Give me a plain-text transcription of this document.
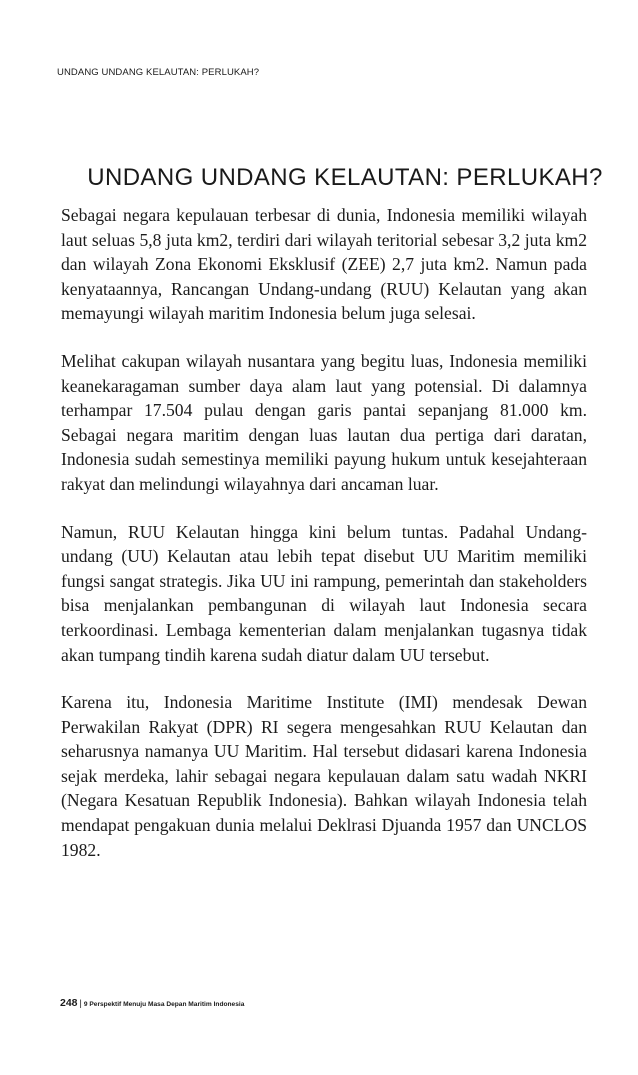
UNDANG UNDANG KELAUTAN: PERLUKAH?
UNDANG UNDANG KELAUTAN: PERLUKAH?

Sebagai negara kepulauan terbesar di dunia, Indonesia memiliki wilayah laut seluas 5,8 juta km2, terdiri dari wilayah teritorial sebesar 3,2 juta km2 dan wilayah Zona Ekonomi Eksklusif (ZEE) 2,7 juta km2. Namun pada kenyataannya, Rancangan Undang-undang (RUU) Kelautan yang akan memayungi wilayah maritim Indonesia belum juga selesai.

Melihat cakupan wilayah nusantara yang begitu luas, Indonesia memiliki keanekaragaman sumber daya alam laut yang potensial. Di dalamnya terhampar 17.504 pulau dengan garis pantai sepanjang 81.000 km. Sebagai negara maritim dengan luas lautan dua pertiga dari daratan, Indonesia sudah semestinya memiliki payung hukum untuk kesejahteraan rakyat dan melindungi wilayahnya dari ancaman luar.

Namun, RUU Kelautan hingga kini belum tuntas. Padahal Undang-undang (UU) Kelautan atau lebih tepat disebut UU Maritim memiliki fungsi sangat strategis. Jika UU ini rampung, pemerintah dan stakeholders bisa menjalankan pembangunan di wilayah laut Indonesia secara terkoordinasi. Lembaga kementerian dalam menjalankan tugasnya tidak akan tumpang tindih karena sudah diatur dalam UU tersebut.

Karena itu, Indonesia Maritime Institute (IMI) mendesak Dewan Perwakilan Rakyat (DPR) RI segera mengesahkan RUU Kelautan dan seharusnya namanya UU Maritim. Hal tersebut didasari karena Indonesia sejak merdeka, lahir sebagai negara kepulauan dalam satu wadah NKRI (Negara Kesatuan Republik Indonesia). Bahkan wilayah Indonesia telah mendapat pengakuan dunia melalui Deklrasi Djuanda 1957 dan UNCLOS 1982.

248 | 9 Perspektif Menuju Masa Depan Maritim Indonesia
